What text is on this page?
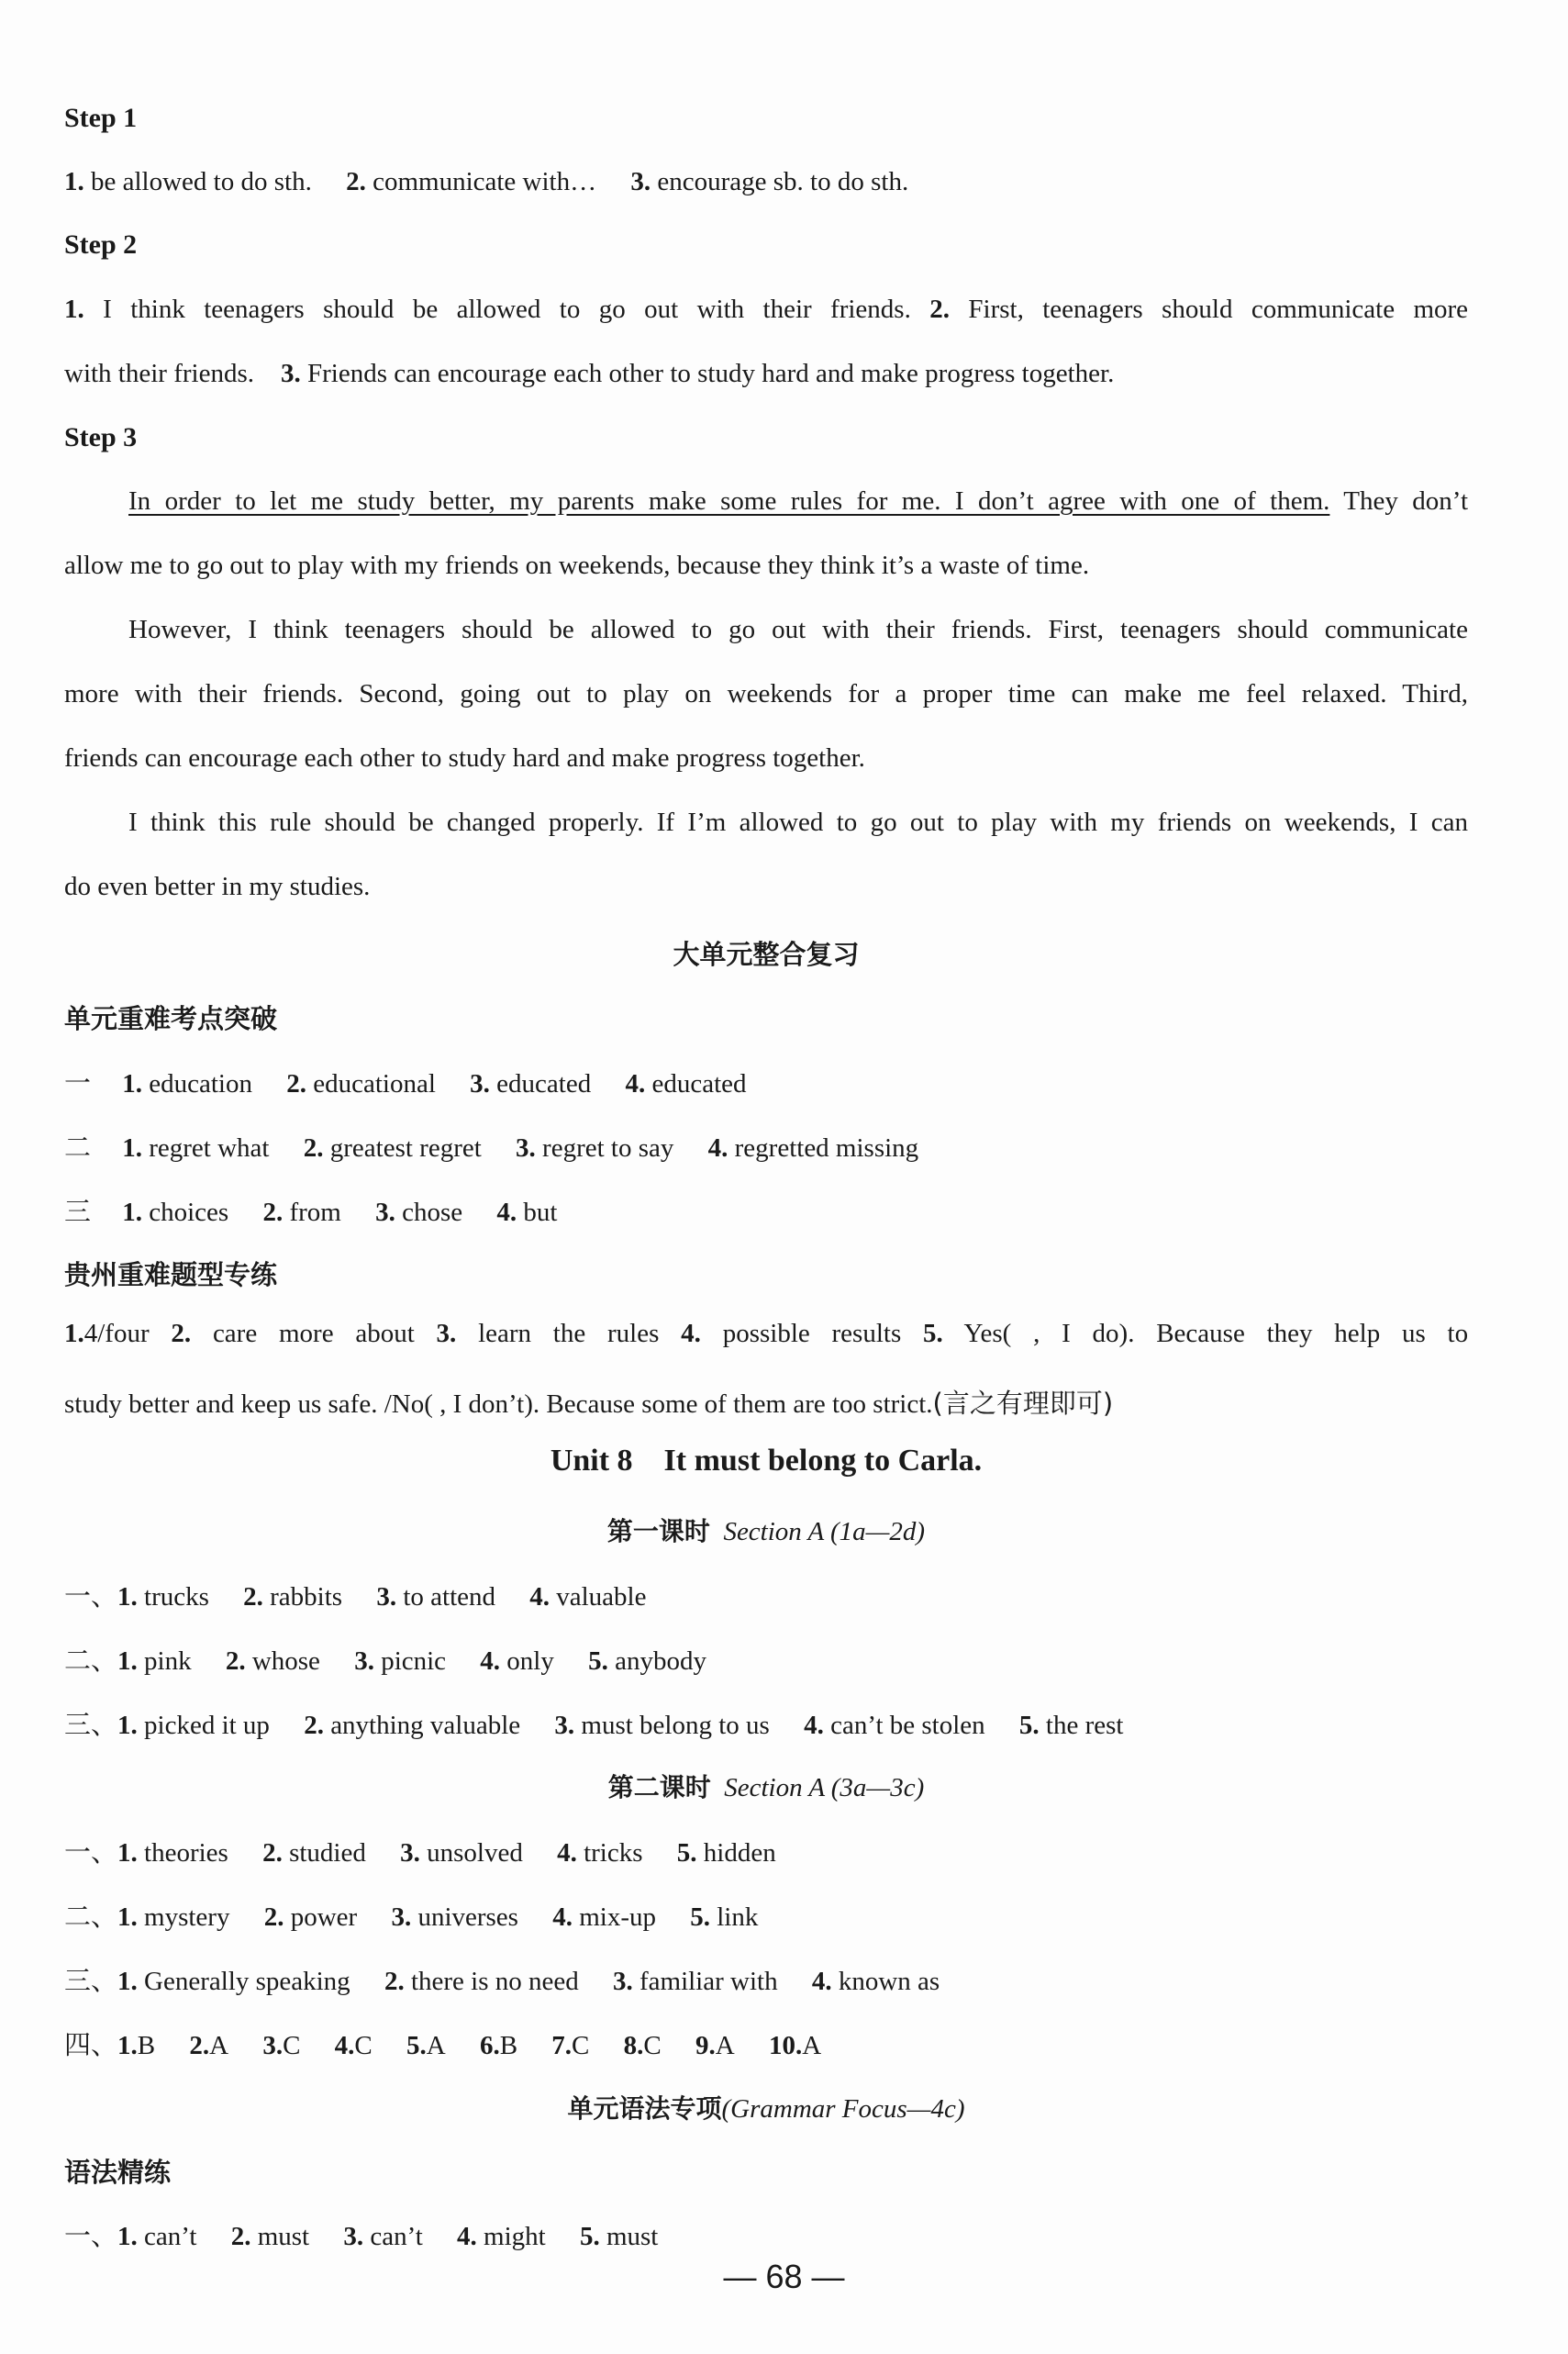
Step 1
1. be allowed to do sth. 2. communicate with… 3. encourage sb. to do sth.
Step 2
1. I think teenagers should be allowed to go out with their friends. 2. First, teenagers should communicate more
with their friends. 3. Friends can encourage each other to study hard and make progress together.
Step 3
In order to let me study better, my parents make some rules for me. I don’t agree with one of them. They don’t
allow me to go out to play with my friends on weekends, because they think it’s a waste of time.
However, I think teenagers should be allowed to go out with their friends. First, teenagers should communicate
more with their friends. Second, going out to play on weekends for a proper time can make me feel relaxed. Third,
friends can encourage each other to study hard and make progress together.
I think this rule should be changed properly. If I’m allowed to go out to play with my friends on weekends, I can
do even better in my studies.
大单元整合复习
单元重难考点突破
一 1. education 2. educational 3. educated 4. educated
二 1. regret what 2. greatest regret 3. regret to say 4. regretted missing
三 1. choices 2. from 3. chose 4. but
贵州重难题型专练
1.4/four 2. care more about 3. learn the rules 4. possible results 5. Yes( , I do). Because they help us to
study better and keep us safe. /No( , I don’t). Because some of them are too strict.(言之有理即可)
Unit 8    It must belong to Carla.
第一课时 Section A (1a—2d)
一、1. trucks 2. rabbits 3. to attend 4. valuable
二、1. pink 2. whose 3. picnic 4. only 5. anybody
三、1. picked it up 2. anything valuable 3. must belong to us 4. can’t be stolen 5. the rest
第二课时 Section A (3a—3c)
一、1. theories 2. studied 3. unsolved 4. tricks 5. hidden
二、1. mystery 2. power 3. universes 4. mix-up 5. link
三、1. Generally speaking 2. there is no need 3. familiar with 4. known as
四、1.B 2.A 3.C 4.C 5.A 6.B 7.C 8.C 9.A 10.A
单元语法专项(Grammar Focus—4c)
语法精练
一、1. can’t 2. must 3. can’t 4. might 5. must
— 68 —
